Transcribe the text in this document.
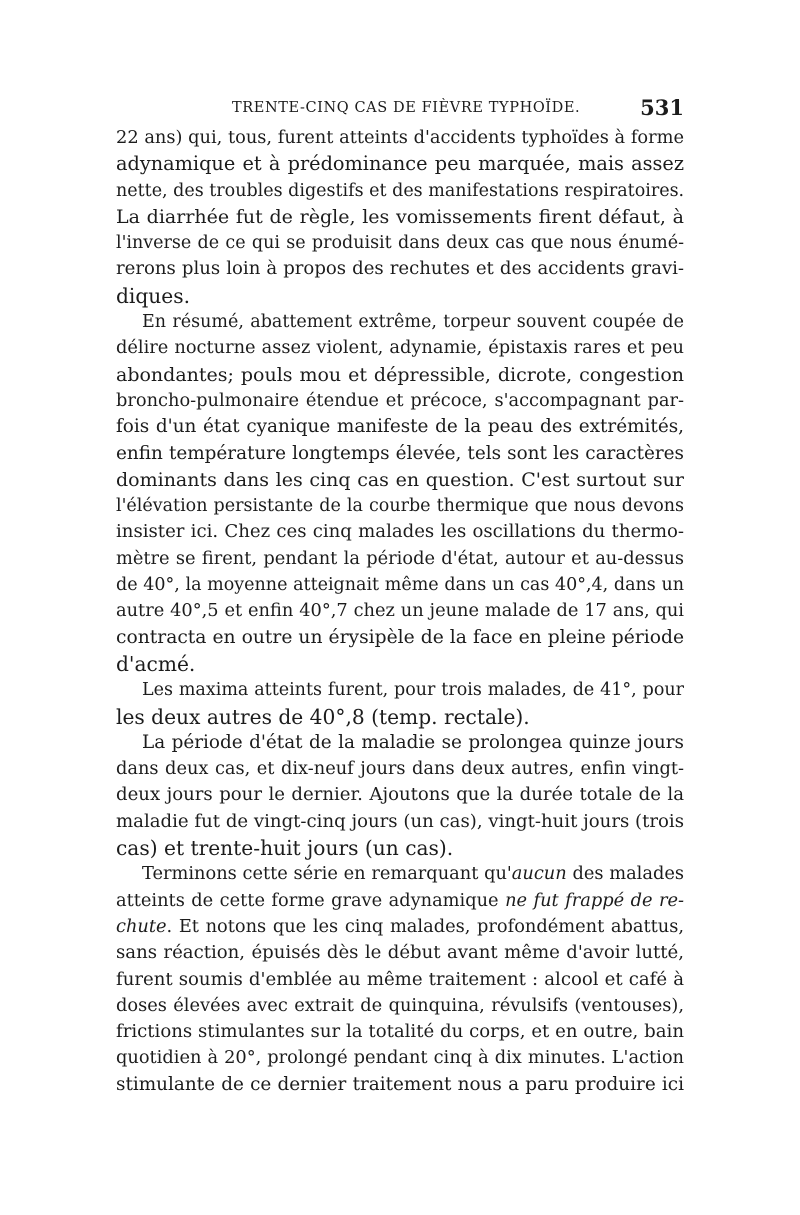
TRENTE-CINQ CAS DE FIÈVRE TYPHOÏDE.	531
22 ans) qui, tous, furent atteints d'accidents typhoïdes à forme
adynamique et à prédominance peu marquée, mais assez
nette, des troubles digestifs et des manifestations respiratoires.
La diarrhée fut de règle, les vomissements firent défaut, à
l'inverse de ce qui se produisit dans deux cas que nous énumé-
rerons plus loin à propos des rechutes et des accidents gravi-
diques.
En résumé, abattement extrême, torpeur souvent coupée de
délire nocturne assez violent, adynamie, épistaxis rares et peu
abondantes; pouls mou et dépressible, dicrote, congestion
broncho-pulmonaire étendue et précoce, s'accompagnant par-
fois d'un état cyanique manifeste de la peau des extrémités,
enfin température longtemps élevée, tels sont les caractères
dominants dans les cinq cas en question. C'est surtout sur
l'élévation persistante de la courbe thermique que nous devons
insister ici. Chez ces cinq malades les oscillations du thermo-
mètre se firent, pendant la période d'état, autour et au-dessus
de 40°, la moyenne atteignait même dans un cas 40°,4, dans un
autre 40°,5 et enfin 40°,7 chez un jeune malade de 17 ans, qui
contracta en outre un érysipèle de la face en pleine période
d'acmé.
Les maxima atteints furent, pour trois malades, de 41°, pour
les deux autres de 40°,8 (temp. rectale).
La période d'état de la maladie se prolongea quinze jours
dans deux cas, et dix-neuf jours dans deux autres, enfin vingt-
deux jours pour le dernier. Ajoutons que la durée totale de la
maladie fut de vingt-cinq jours (un cas), vingt-huit jours (trois
cas) et trente-huit jours (un cas).
Terminons cette série en remarquant qu'aucun des malades
atteints de cette forme grave adynamique ne fut frappé de re-
chute. Et notons que les cinq malades, profondément abattus,
sans réaction, épuisés dès le début avant même d'avoir lutté,
furent soumis d'emblée au même traitement : alcool et café à
doses élevées avec extrait de quinquina, révulsifs (ventouses),
frictions stimulantes sur la totalité du corps, et en outre, bain
quotidien à 20°, prolongé pendant cinq à dix minutes. L'action
stimulante de ce dernier traitement nous a paru produire ici
